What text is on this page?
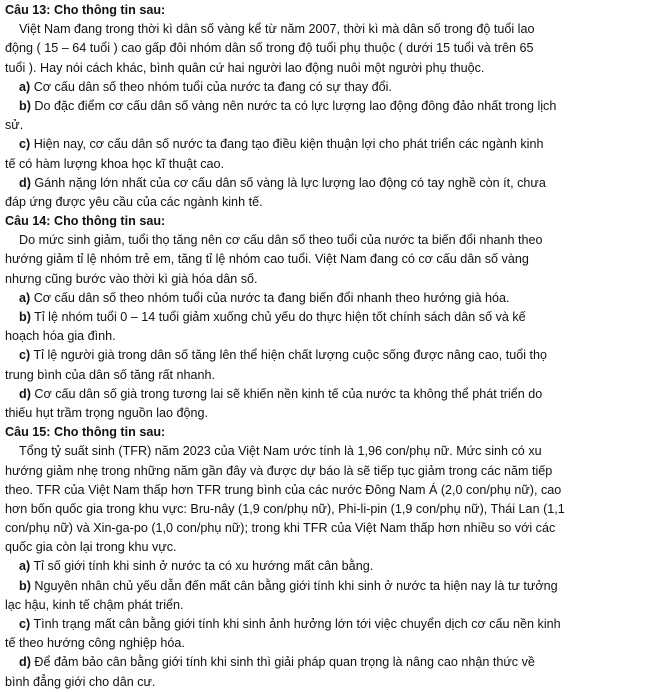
Câu 13: Cho thông tin sau:
Việt Nam đang trong thời kì dân số vàng kể từ năm 2007, thời kì mà dân số trong độ tuổi lao
động ( 15 – 64 tuổi ) cao gấp đôi nhóm dân số trong độ tuổi phụ thuộc ( dưới 15 tuổi và trên 65
tuổi ). Hay nói cách khác, bình quân cứ hai người lao động nuôi một người phụ thuộc.
a) Cơ cấu dân số theo nhóm tuổi của nước ta đang có sự thay đổi.
b) Do đặc điểm cơ cấu dân số vàng nên nước ta có lực lượng lao động đông đảo nhất trong lịch
sử.
c) Hiện nay, cơ cấu dân số nước ta đang tạo điều kiện thuận lợi cho phát triển các ngành kinh
tế có hàm lượng khoa học kĩ thuật cao.
d) Gánh nặng lớn nhất của cơ cấu dân số vàng là lực lượng lao động có tay nghề còn ít, chưa
đáp ứng được yêu cầu của các ngành kinh tế.
Câu 14: Cho thông tin sau:
Do mức sinh giảm, tuổi thọ tăng nên cơ cấu dân số theo tuổi của nước ta biến đổi nhanh theo
hướng giảm tỉ lệ nhóm trẻ em, tăng tỉ lệ nhóm cao tuổi. Việt Nam đang có cơ cấu dân số vàng
nhưng cũng bước vào thời kì già hóa dân số.
a) Cơ cấu dân số theo nhóm tuổi của nước ta đang biến đổi nhanh theo hướng già hóa.
b) Tỉ lệ nhóm tuổi 0 – 14 tuổi giảm xuống chủ yếu do thực hiện tốt chính sách dân số và kế
hoạch hóa gia đình.
c) Tỉ lệ người già trong dân số tăng lên thể hiện chất lượng cuộc sống được nâng cao, tuổi thọ
trung bình của dân số tăng rất nhanh.
d) Cơ cấu dân số già trong tương lai sẽ khiến nền kinh tế của nước ta không thể phát triển do
thiếu hụt trầm trọng nguồn lao động.
Câu 15: Cho thông tin sau:
Tổng tỷ suất sinh (TFR) năm 2023 của Việt Nam ước tính là 1,96 con/phụ nữ. Mức sinh có xu
hướng giảm nhẹ trong những năm gần đây và được dự báo là sẽ tiếp tục giảm trong các năm tiếp
theo. TFR của Việt Nam thấp hơn TFR trung bình của các nước Đông Nam Á (2,0 con/phụ nữ), cao
hơn bốn quốc gia trong khu vực: Bru-nây (1,9 con/phụ nữ), Phi-li-pin (1,9 con/phụ nữ), Thái Lan (1,1
con/phụ nữ) và Xin-ga-po (1,0 con/phụ nữ); trong khi TFR của Việt Nam thấp hơn nhiều so với các
quốc gia còn lại trong khu vực.
a) Tỉ số giới tính khi sinh ở nước ta có xu hướng mất cân bằng.
b) Nguyên nhân chủ yếu dẫn đến mất cân bằng giới tính khi sinh ở nước ta hiện nay là tư tưởng
lạc hậu, kinh tế chậm phát triển.
c) Tình trạng mất cân bằng giới tính khi sinh ảnh hưởng lớn tới việc chuyển dịch cơ cấu nền kinh
tế theo hướng công nghiệp hóa.
d) Để đảm bảo cân bằng giới tính khi sinh thì giải pháp quan trọng là nâng cao nhận thức về
bình đẳng giới cho dân cư.
